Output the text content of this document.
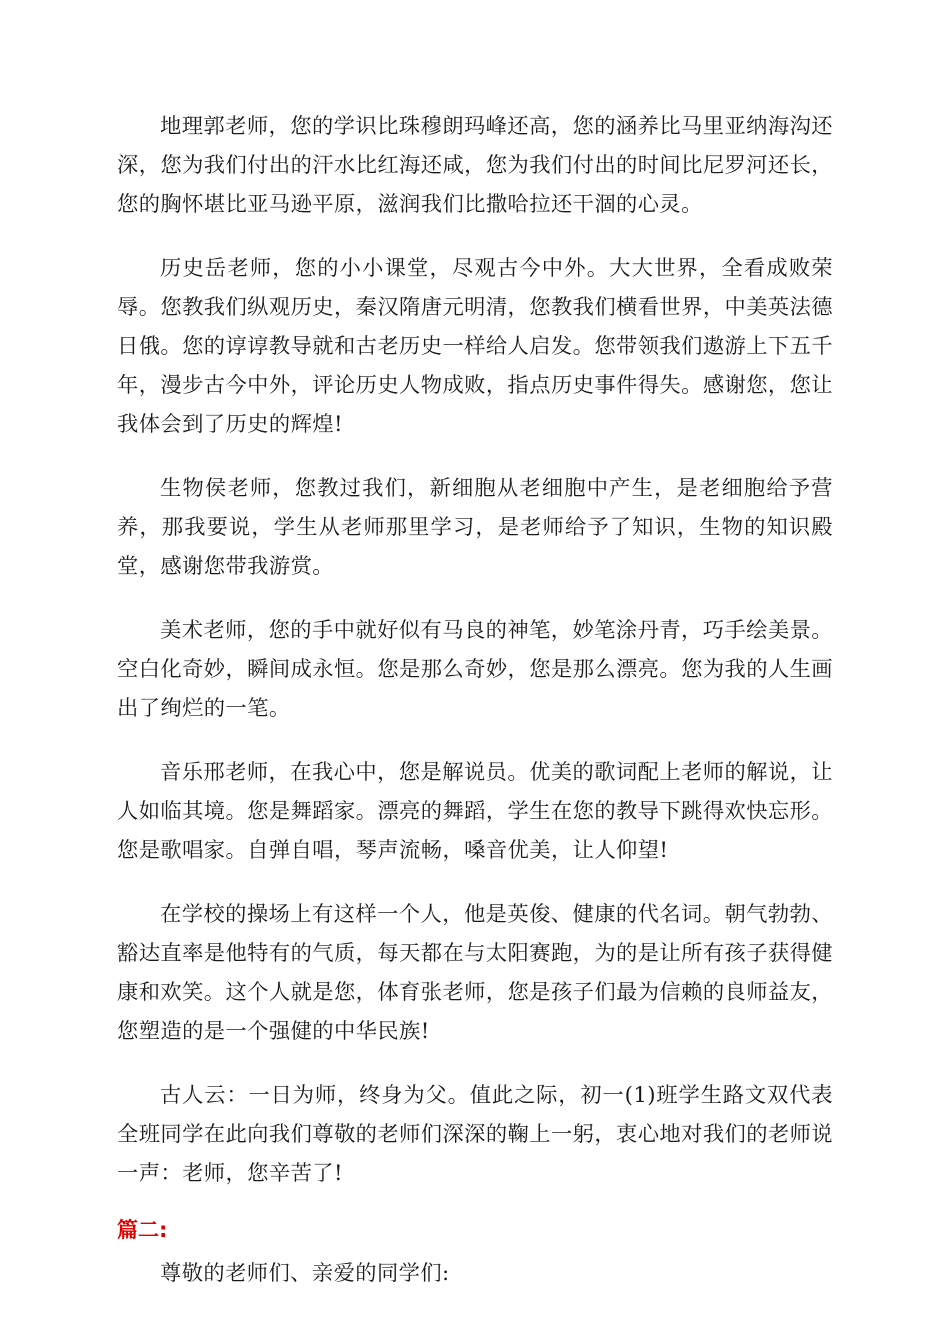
地理郭老师，您的学识比珠穆朗玛峰还高，您的涵养比马里亚纳海沟还深，您为我们付出的汗水比红海还咸，您为我们付出的时间比尼罗河还长，您的胸怀堪比亚马逊平原，滋润我们比撒哈拉还干涸的心灵。

历史岳老师，您的小小课堂，尽观古今中外。大大世界，全看成败荣辱。您教我们纵观历史，秦汉隋唐元明清，您教我们横看世界，中美英法德日俄。您的谆谆教导就和古老历史一样给人启发。您带领我们遨游上下五千年，漫步古今中外，评论历史人物成败，指点历史事件得失。感谢您，您让我体会到了历史的辉煌!

生物侯老师，您教过我们，新细胞从老细胞中产生，是老细胞给予营养，那我要说，学生从老师那里学习，是老师给予了知识，生物的知识殿堂，感谢您带我游赏。

美术老师，您的手中就好似有马良的神笔，妙笔涂丹青，巧手绘美景。空白化奇妙，瞬间成永恒。您是那么奇妙，您是那么漂亮。您为我的人生画出了绚烂的一笔。

音乐邢老师，在我心中，您是解说员。优美的歌词配上老师的解说，让人如临其境。您是舞蹈家。漂亮的舞蹈，学生在您的教导下跳得欢快忘形。您是歌唱家。自弹自唱，琴声流畅，嗓音优美，让人仰望!

在学校的操场上有这样一个人，他是英俊、健康的代名词。朝气勃勃、豁达直率是他特有的气质，每天都在与太阳赛跑，为的是让所有孩子获得健康和欢笑。这个人就是您，体育张老师，您是孩子们最为信赖的良师益友，您塑造的是一个强健的中华民族!

古人云：一日为师，终身为父。值此之际，初一(1)班学生路文双代表全班同学在此向我们尊敬的老师们深深的鞠上一躬，衷心地对我们的老师说一声：老师，您辛苦了!

篇二:

尊敬的老师们、亲爱的同学们:
